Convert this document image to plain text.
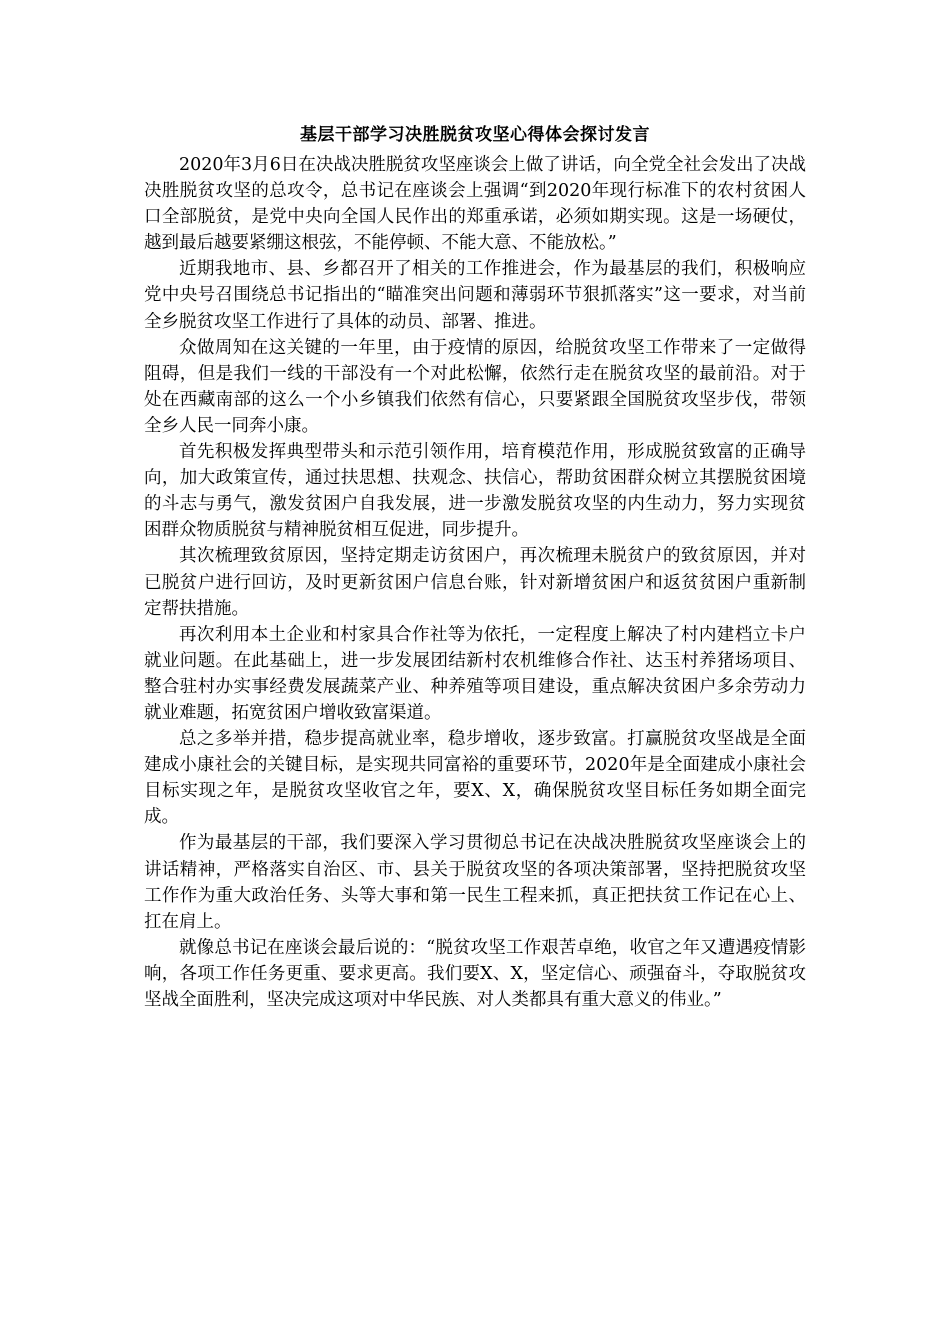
基层干部学习决胜脱贫攻坚心得体会探讨发言

2020年3月6日在决战决胜脱贫攻坚座谈会上做了讲话，向全党全社会发出了决战决胜脱贫攻坚的总攻令，总书记在座谈会上强调“到2020年现行标准下的农村贫困人口全部脱贫，是党中央向全国人民作出的郑重承诺，必须如期实现。这是一场硬仗，越到最后越要紧绷这根弦，不能停顿、不能大意、不能放松。”

近期我地市、县、乡都召开了相关的工作推进会，作为最基层的我们，积极响应党中央号召围绕总书记指出的“瞄准突出问题和薄弱环节狠抓落实”这一要求，对当前全乡脱贫攻坚工作进行了具体的动员、部署、推进。

众做周知在这关键的一年里，由于疫情的原因，给脱贫攻坚工作带来了一定做得阻碍，但是我们一线的干部没有一个对此松懈，依然行走在脱贫攻坚的最前沿。对于处在西藏南部的这么一个小乡镇我们依然有信心，只要紧跟全国脱贫攻坚步伐，带领全乡人民一同奔小康。

首先积极发挥典型带头和示范引领作用，培育模范作用，形成脱贫致富的正确导向，加大政策宣传，通过扶思想、扶观念、扶信心，帮助贫困群众树立其摆脱贫困境的斗志与勇气，激发贫困户自我发展，进一步激发脱贫攻坚的内生动力，努力实现贫困群众物质脱贫与精神脱贫相互促进，同步提升。

其次梳理致贫原因，坚持定期走访贫困户，再次梳理未脱贫户的致贫原因，并对已脱贫户进行回访，及时更新贫困户信息台账，针对新增贫困户和返贫贫困户重新制定帮扶措施。

再次利用本土企业和村家具合作社等为依托，一定程度上解决了村内建档立卡户就业问题。在此基础上，进一步发展团结新村农机维修合作社、达玉村养猪场项目、整合驻村办实事经费发展蔬菜产业、种养殖等项目建设，重点解决贫困户多余劳动力就业难题，拓宽贫困户增收致富渠道。

总之多举并措，稳步提高就业率，稳步增收，逐步致富。打赢脱贫攻坚战是全面建成小康社会的关键目标，是实现共同富裕的重要环节，2020年是全面建成小康社会目标实现之年，是脱贫攻坚收官之年，要X、X，确保脱贫攻坚目标任务如期全面完成。

作为最基层的干部，我们要深入学习贯彻总书记在决战决胜脱贫攻坚座谈会上的讲话精神，严格落实自治区、市、县关于脱贫攻坚的各项决策部署，坚持把脱贫攻坚工作作为重大政治任务、头等大事和第一民生工程来抓，真正把扶贫工作记在心上、扛在肩上。

就像总书记在座谈会最后说的：“脱贫攻坚工作艰苦卓绝，收官之年又遭遇疫情影响，各项工作任务更重、要求更高。我们要X、X，坚定信心、顽强奋斗，夺取脱贫攻坚战全面胜利，坚决完成这项对中华民族、对人类都具有重大意义的伟业。”
